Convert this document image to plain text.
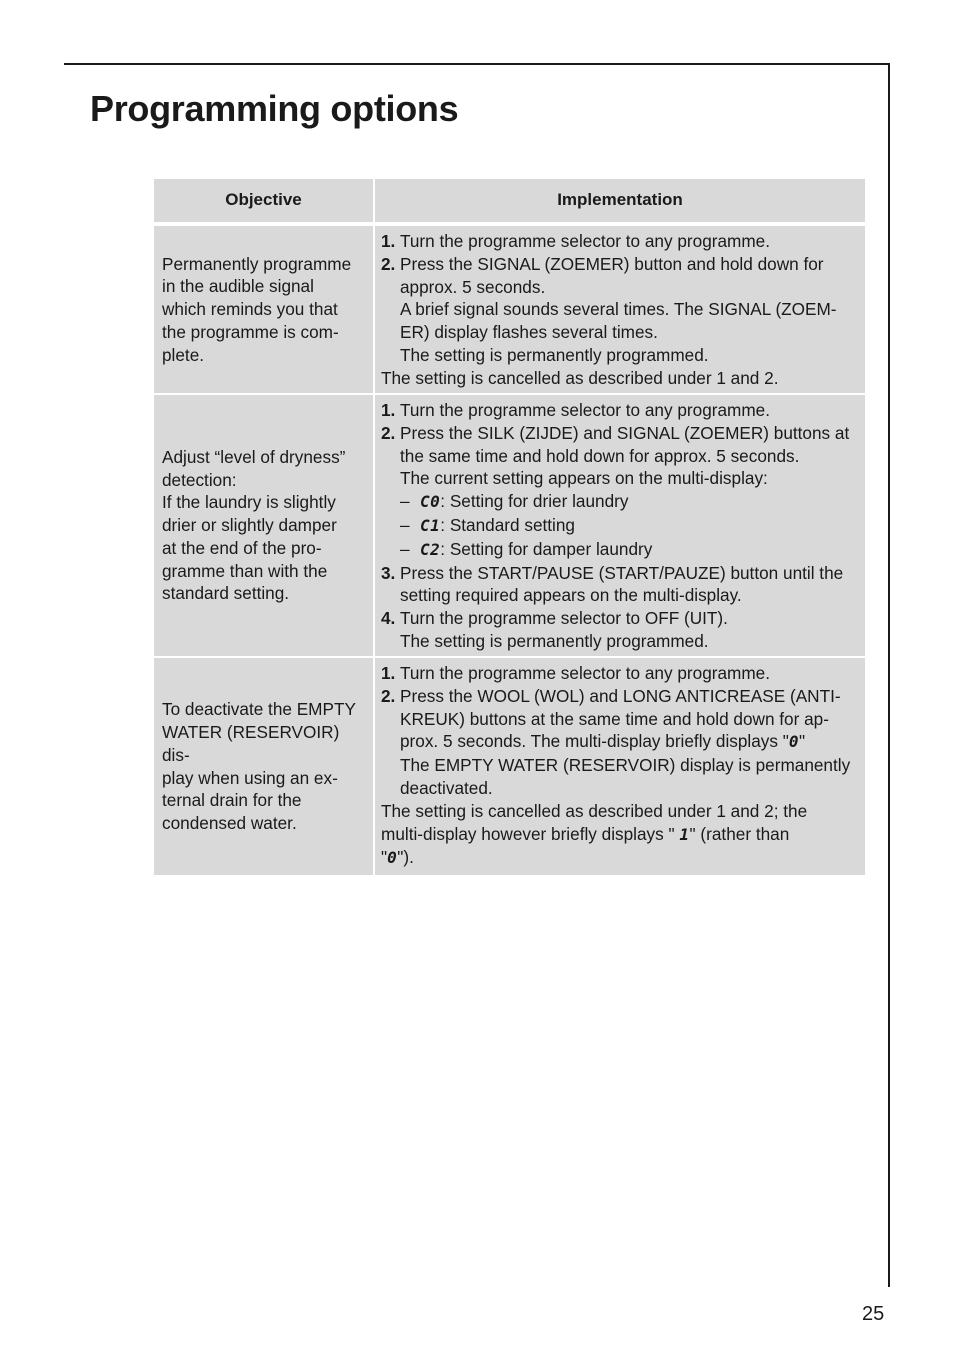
Programming options
Objective	Implementation
Permanently programme
in the audible signal
which reminds you that
the programme is com-
plete.
1. Turn the programme selector to any programme.
2. Press the SIGNAL (ZOEMER) button and hold down for
approx. 5 seconds.
A brief signal sounds several times. The SIGNAL (ZOEM-
ER) display flashes several times.
The setting is permanently programmed.
The setting is cancelled as described under 1 and 2.
Adjust “level of dryness”
detection:
If the laundry is slightly
drier or slightly damper
at the end of the pro-
gramme than with the
standard setting.
1. Turn the programme selector to any programme.
2. Press the SILK (ZIJDE) and SIGNAL (ZOEMER) buttons at
the same time and hold down for approx. 5 seconds.
The current setting appears on the multi-display:
– C0: Setting for drier laundry
– C1: Standard setting
– C2: Setting for damper laundry
3. Press the START/PAUSE (START/PAUZE) button until the
setting required appears on the multi-display.
4. Turn the programme selector to OFF (UIT).
The setting is permanently programmed.
To deactivate the EMPTY
WATER (RESERVOIR) dis-
play when using an ex-
ternal drain for the
condensed water.
1. Turn the programme selector to any programme.
2. Press the WOOL (WOL) and LONG ANTICREASE (ANTI-
KREUK) buttons at the same time and hold down for ap-
prox. 5 seconds. The multi-display briefly displays "0"
The EMPTY WATER (RESERVOIR) display is permanently
deactivated.
The setting is cancelled as described under 1 and 2; the
multi-display however briefly displays " 1" (rather than
"0").
25
